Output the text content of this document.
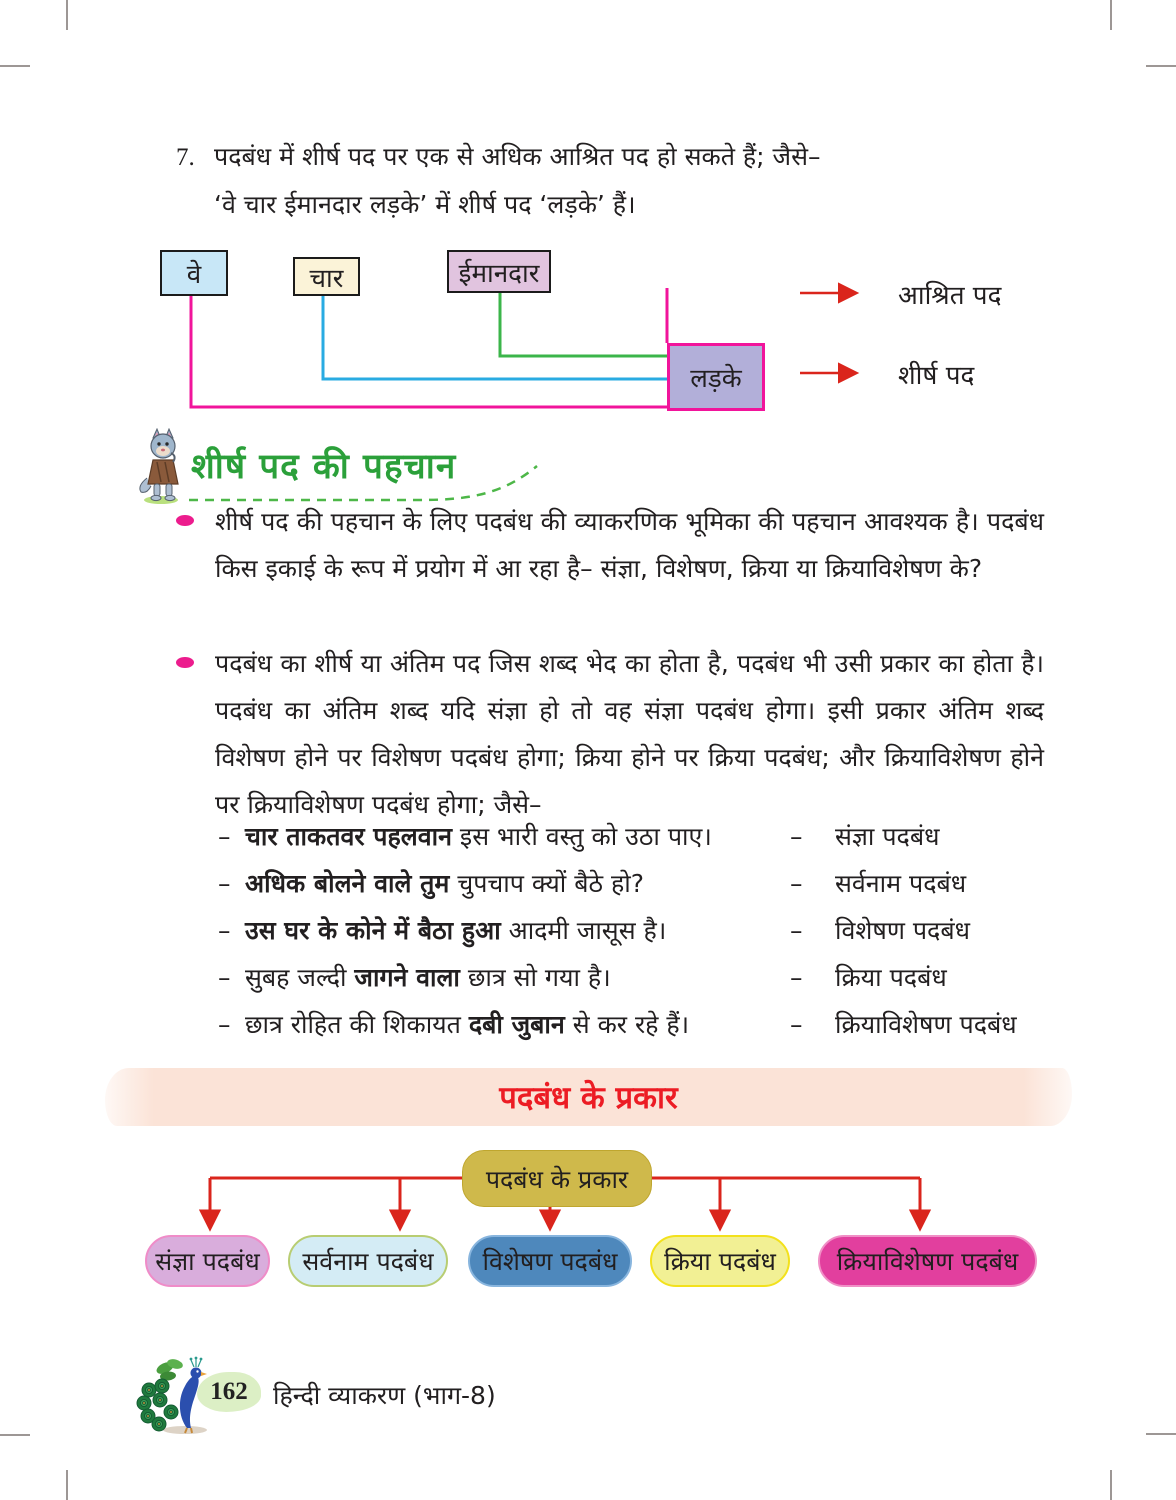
7. पदबंध में शीर्ष पद पर एक से अधिक आश्रित पद हो सकते हैं; जैसे–
‘वे चार ईमानदार लड़के’ में शीर्ष पद ‘लड़के’ हैं।
वे	चार	ईमानदार
लड़के
आश्रित पद
शीर्ष पद
शीर्ष पद की पहचान
शीर्ष पद की पहचान के लिए पदबंध की व्याकरणिक भूमिका की पहचान आवश्यक है। पदबंध किस इकाई के रूप में प्रयोग में आ रहा है– संज्ञा, विशेषण, क्रिया या क्रियाविशेषण के?
पदबंध का शीर्ष या अंतिम पद जिस शब्द भेद का होता है, पदबंध भी उसी प्रकार का होता है। पदबंध का अंतिम शब्द यदि संज्ञा हो तो वह संज्ञा पदबंध होगा। इसी प्रकार अंतिम शब्द विशेषण होने पर विशेषण पदबंध होगा; क्रिया होने पर क्रिया पदबंध; और क्रियाविशेषण होने पर क्रियाविशेषण पदबंध होगा; जैसे–
– चार ताकतवर पहलवान इस भारी वस्तु को उठा पाए।	–	संज्ञा पदबंध
– अधिक बोलने वाले तुम चुपचाप क्यों बैठे हो?	–	सर्वनाम पदबंध
– उस घर के कोने में बैठा हुआ आदमी जासूस है।	–	विशेषण पदबंध
– सुबह जल्दी जागने वाला छात्र सो गया है।	–	क्रिया पदबंध
– छात्र रोहित की शिकायत दबी जुबान से कर रहे हैं।	–	क्रियाविशेषण पदबंध
पदबंध के प्रकार
पदबंध के प्रकार
संज्ञा पदबंध	सर्वनाम पदबंध	विशेषण पदबंध	क्रिया पदबंध	क्रियाविशेषण पदबंध
162 हिन्दी व्याकरण (भाग-8)
